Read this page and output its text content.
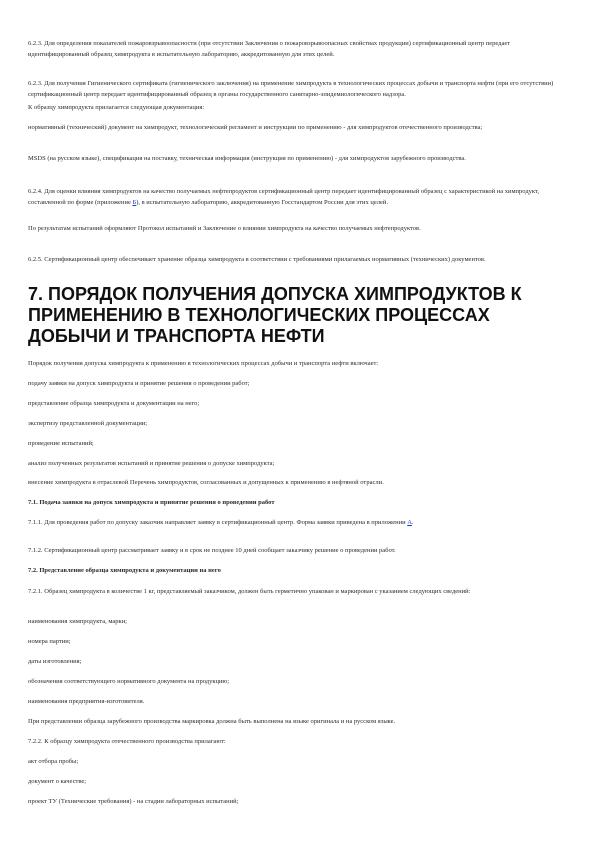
6.2.3. Для определения показателей пожаровзрывоопасности (при отсутствии Заключения о пожаровзрывоопасных свойствах продукции) сертификационный центр передает идентифицированный образец химпродукта в испытательную лабораторию, аккредитованную для этих целей.

6.2.3. Для получения Гигиенического сертификата (гигиенического заключения) на применение химпродукта в технологических процессах добычи и транспорта нефти (при его отсутствии) сертификационный центр передает идентифицированный образец в органы государственного санитарно-эпидемиологического надзора.

К образцу химпродукта прилагается следующая документация:

нормативный (технический) документ на химпродукт, технологический регламент и инструкции по применению - для химпродуктов отечественного производства;

MSDS (на русском языке), спецификация на поставку, техническая информация (инструкция по применению) - для химпродуктов зарубежного производства.

6.2.4. Для оценки влияния химпродуктов на качество получаемых нефтепродуктов сертификационный центр передает идентифицированный образец с характеристикой на химпродукт, составленной по форме (приложение Б), в испытательную лабораторию, аккредитованную Госстандартом России для этих целей.

По результатам испытаний оформляют Протокол испытаний и Заключение о влиянии химпродукта на качество получаемых нефтепродуктов.

6.2.5. Сертификационный центр обеспечивает хранение образца химпродукта в соответствии с требованиями прилагаемых нормативных (технических) документов.

7. ПОРЯДОК ПОЛУЧЕНИЯ ДОПУСКА ХИМПРОДУКТОВ К ПРИМЕНЕНИЮ В ТЕХНОЛОГИЧЕСКИХ ПРОЦЕССАХ ДОБЫЧИ И ТРАНСПОРТА НЕФТИ

Порядок получения допуска химпродукта к применению в технологических процессах добычи и транспорта нефти включает:

подачу заявки на допуск химпродукта и принятие решения о проведении работ;

представление образца химпродукта и документации на него;

экспертизу представленной документации;

проведение испытаний;

анализ полученных результатов испытаний и принятие решения о допуске химпродукта;

внесение химпродукта в отраслевой Перечень химпродуктов, согласованных и допущенных к применению в нефтяной отрасли.

7.1. Подача заявки на допуск химпродукта и принятие решения о проведении работ

7.1.1. Для проведения работ по допуску заказчик направляет заявку в сертификационный центр. Форма заявки приведена в приложении А.

7.1.2. Сертификационный центр рассматривает заявку и в срок не позднее 10 дней сообщает заказчику решение о проведении работ.

7.2. Представление образца химпродукта и документации на него

7.2.1. Образец химпродукта в количестве 1 кг, представляемый заказчиком, должен быть герметично упакован и маркирован с указанием следующих сведений:

наименования химпродукта, марки;

номера партии;

даты изготовления;

обозначения соответствующего нормативного документа на продукцию;

наименования предприятия-изготовителя.

При представлении образца зарубежного производства маркировка должна быть выполнена на языке оригинала и на русском языке.

7.2.2. К образцу химпродукта отечественного производства прилагают:

акт отбора пробы;

документ о качестве;

проект ТУ (Технические требования) - на стадии лабораторных испытаний;
